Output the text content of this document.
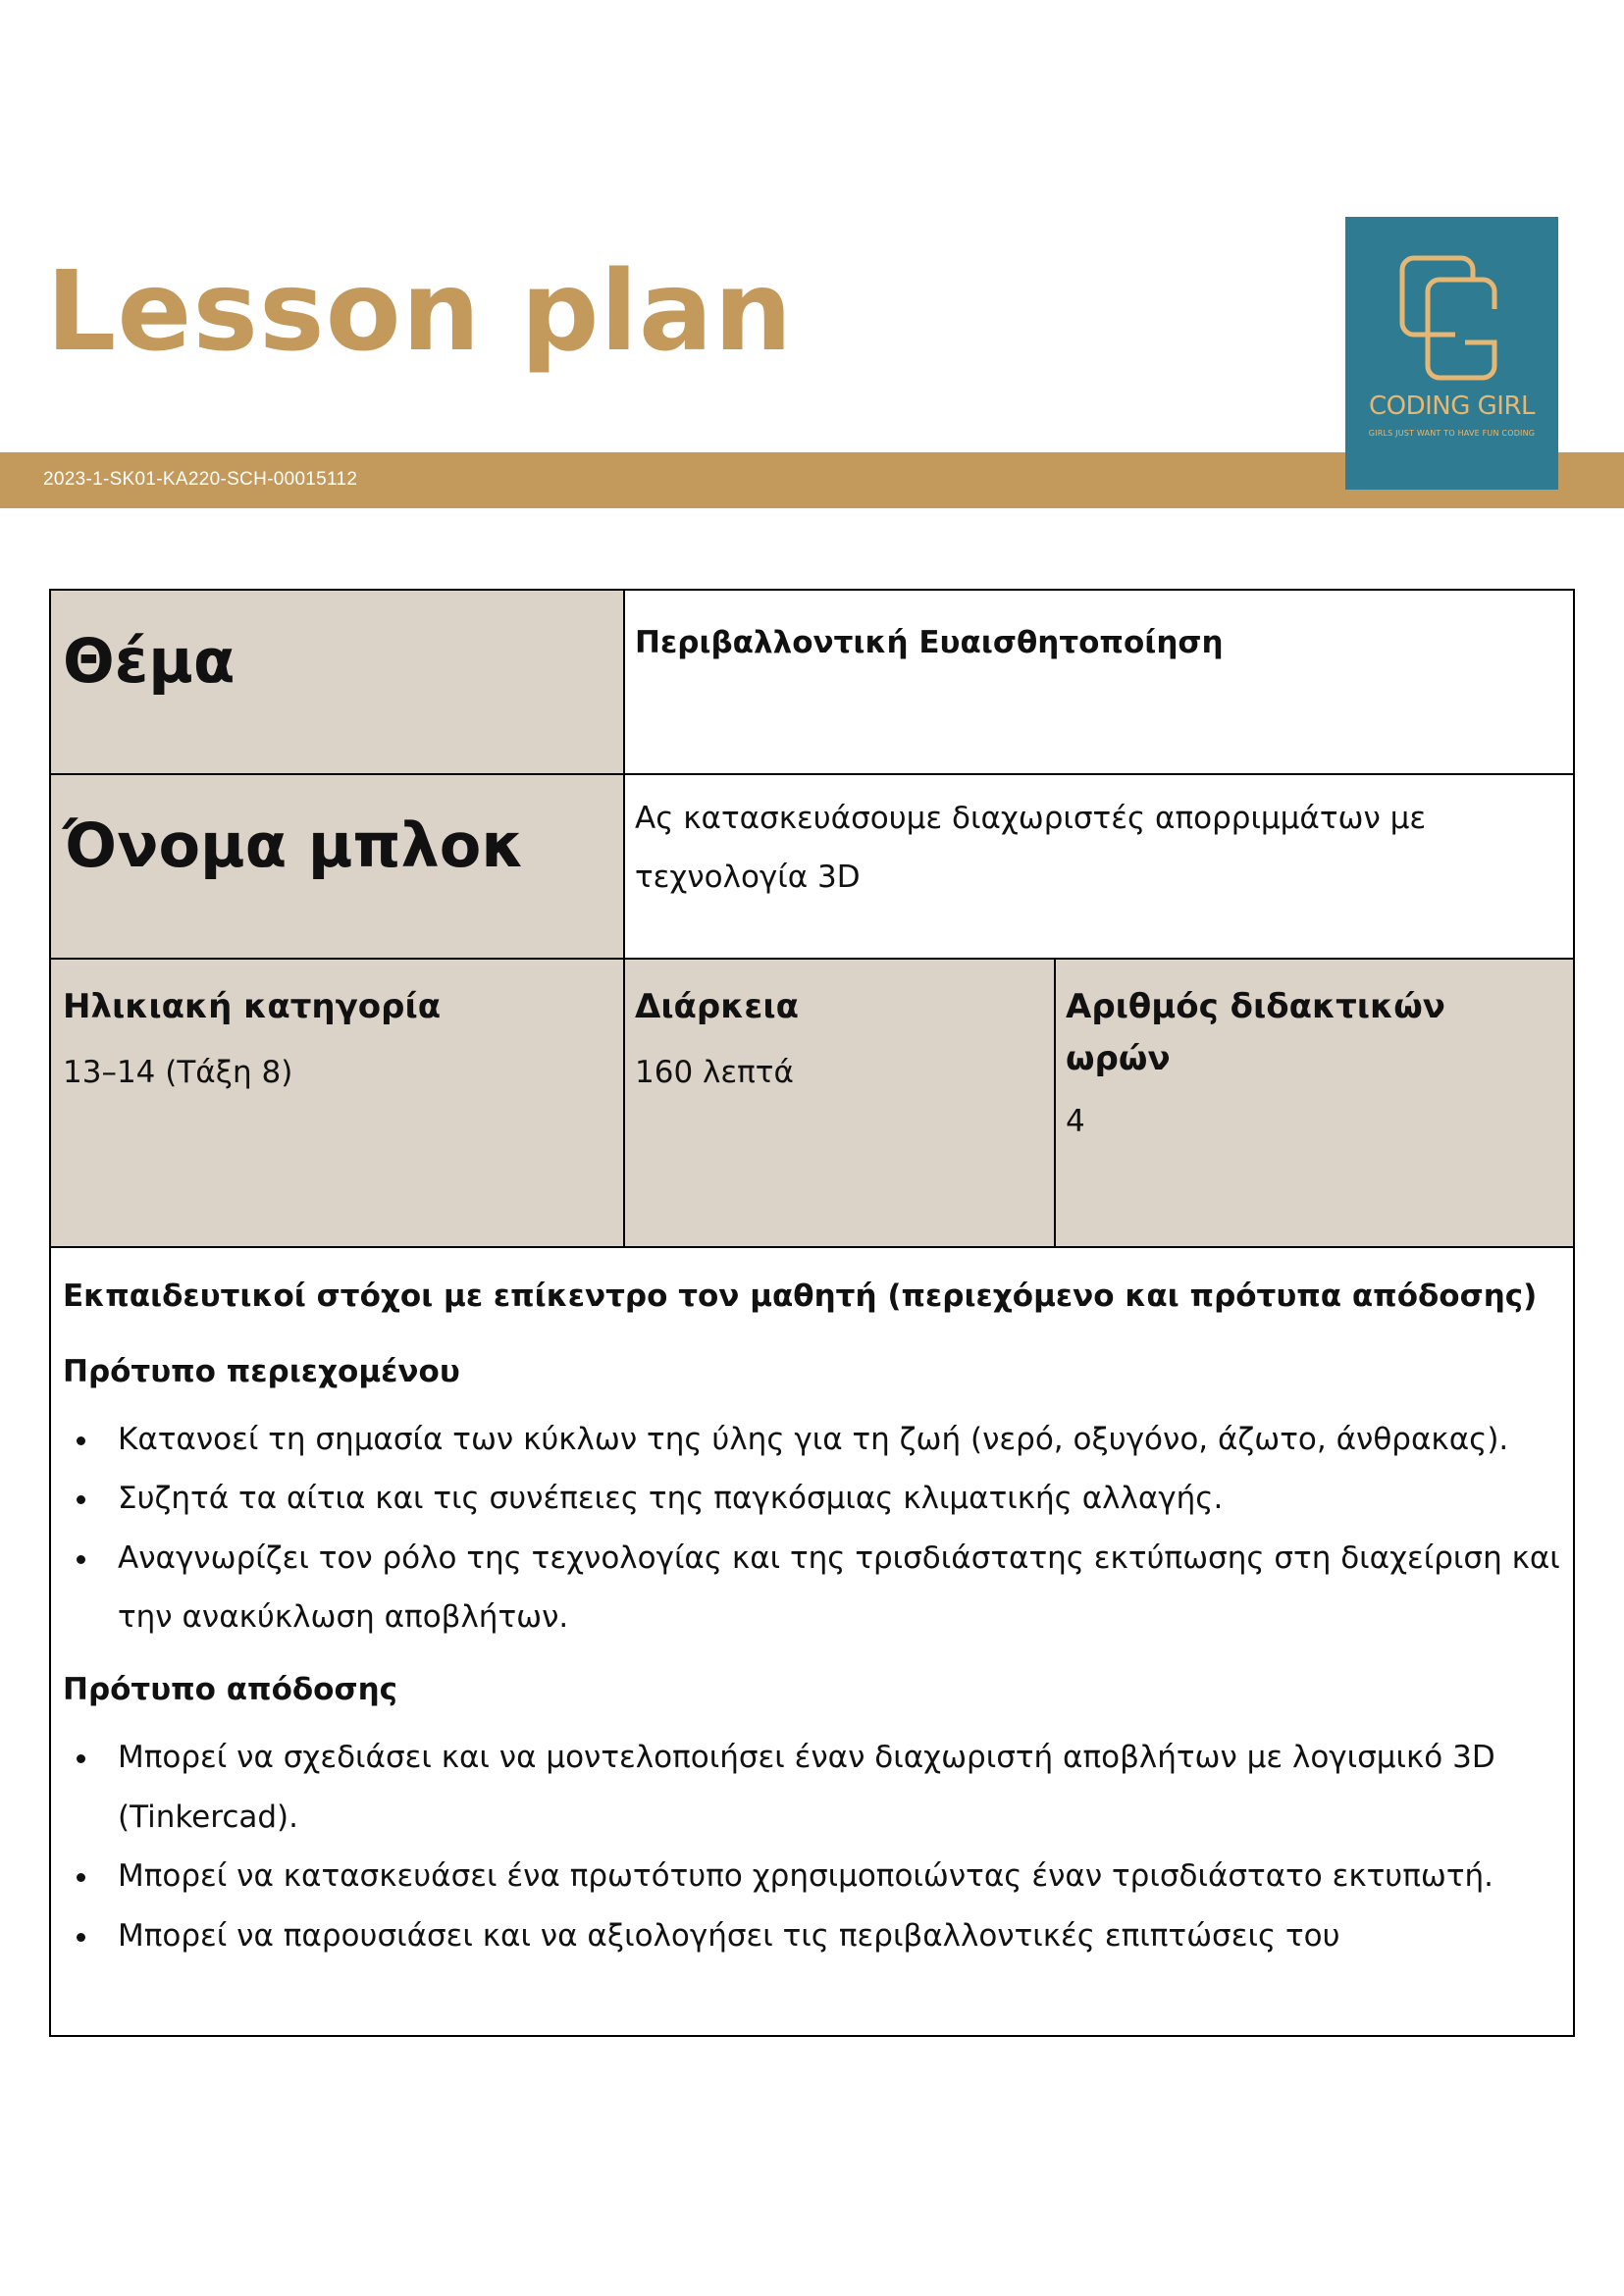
Lesson plan
2023-1-SK01-KA220-SCH-00015112
CODING GIRL
GIRLS JUST WANT TO HAVE FUN CODING
Θέμα	Περιβαλλοντική Ευαισθητοποίηση
Όνομα μπλοκ	Ας κατασκευάσουμε διαχωριστές απορριμμάτων με
τεχνολογία 3D
Ηλικιακή κατηγορία
13–14 (Τάξη 8)
Διάρκεια
160 λεπτά
Αριθμός διδακτικών
ωρών
4
Εκπαιδευτικοί στόχοι με επίκεντρο τον μαθητή (περιεχόμενο και πρότυπα απόδοσης)
Πρότυπο περιεχομένου
Κατανοεί τη σημασία των κύκλων της ύλης για τη ζωή (νερό, οξυγόνο, άζωτο, άνθρακας).
Συζητά τα αίτια και τις συνέπειες της παγκόσμιας κλιματικής αλλαγής.
Αναγνωρίζει τον ρόλο της τεχνολογίας και της τρισδιάστατης εκτύπωσης στη διαχείριση και την ανακύκλωση αποβλήτων.
Πρότυπο απόδοσης
Μπορεί να σχεδιάσει και να μοντελοποιήσει έναν διαχωριστή αποβλήτων με λογισμικό 3D (Tinkercad).
Μπορεί να κατασκευάσει ένα πρωτότυπο χρησιμοποιώντας έναν τρισδιάστατο εκτυπωτή.
Μπορεί να παρουσιάσει και να αξιολογήσει τις περιβαλλοντικές επιπτώσεις του
